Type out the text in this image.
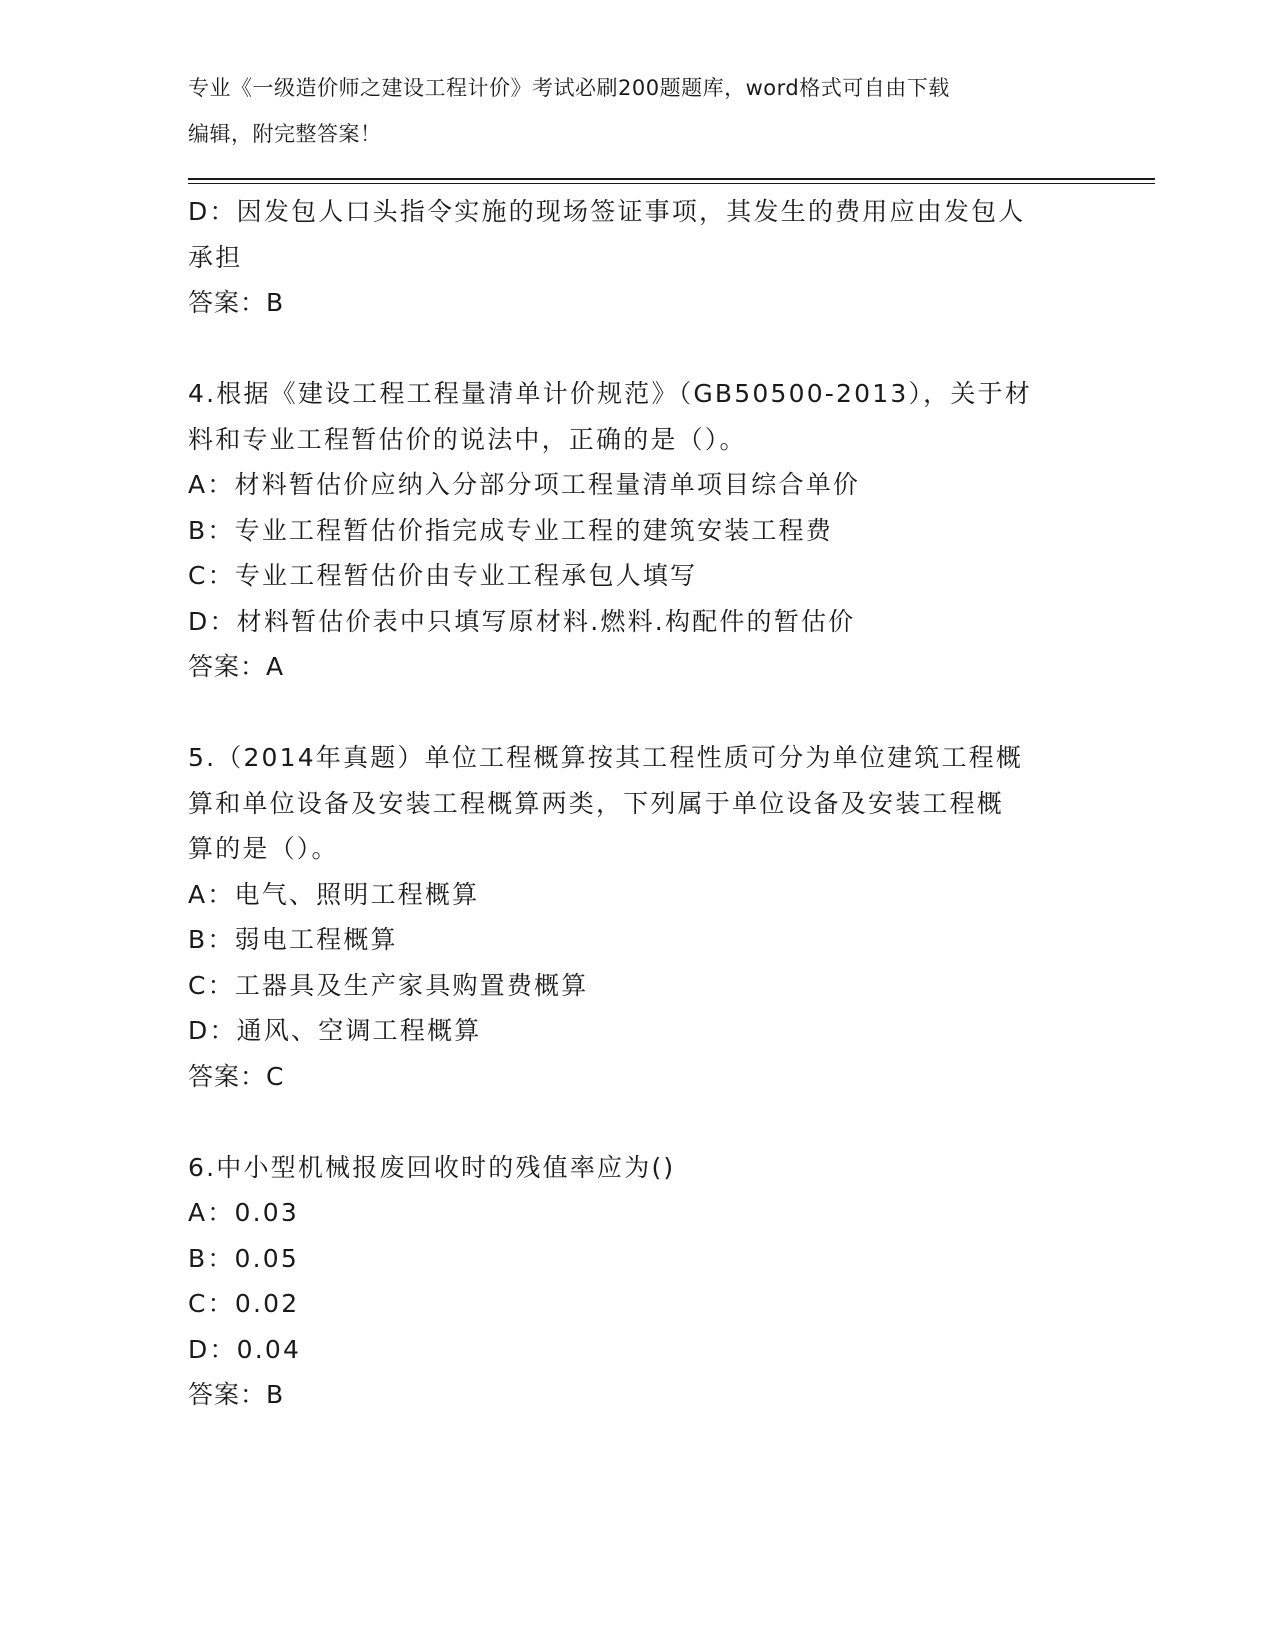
专业《一级造价师之建设工程计价》考试必刷200题题库，word格式可自由下载
编辑，附完整答案！
D：因发包人口头指令实施的现场签证事项，其发生的费用应由发包人
承担
答案：B
4.根据《建设工程工程量清单计价规范》（GB50500-2013），关于材
料和专业工程暂估价的说法中，正确的是（）。
A：材料暂估价应纳入分部分项工程量清单项目综合单价
B：专业工程暂估价指完成专业工程的建筑安装工程费
C：专业工程暂估价由专业工程承包人填写
D：材料暂估价表中只填写原材料.燃料.构配件的暂估价
答案：A
5.（2014年真题）单位工程概算按其工程性质可分为单位建筑工程概
算和单位设备及安装工程概算两类，下列属于单位设备及安装工程概
算的是（）。
A：电气、照明工程概算
B：弱电工程概算
C：工器具及生产家具购置费概算
D：通风、空调工程概算
答案：C
6.中小型机械报废回收时的残值率应为()
A：0.03
B：0.05
C：0.02
D：0.04
答案：B
